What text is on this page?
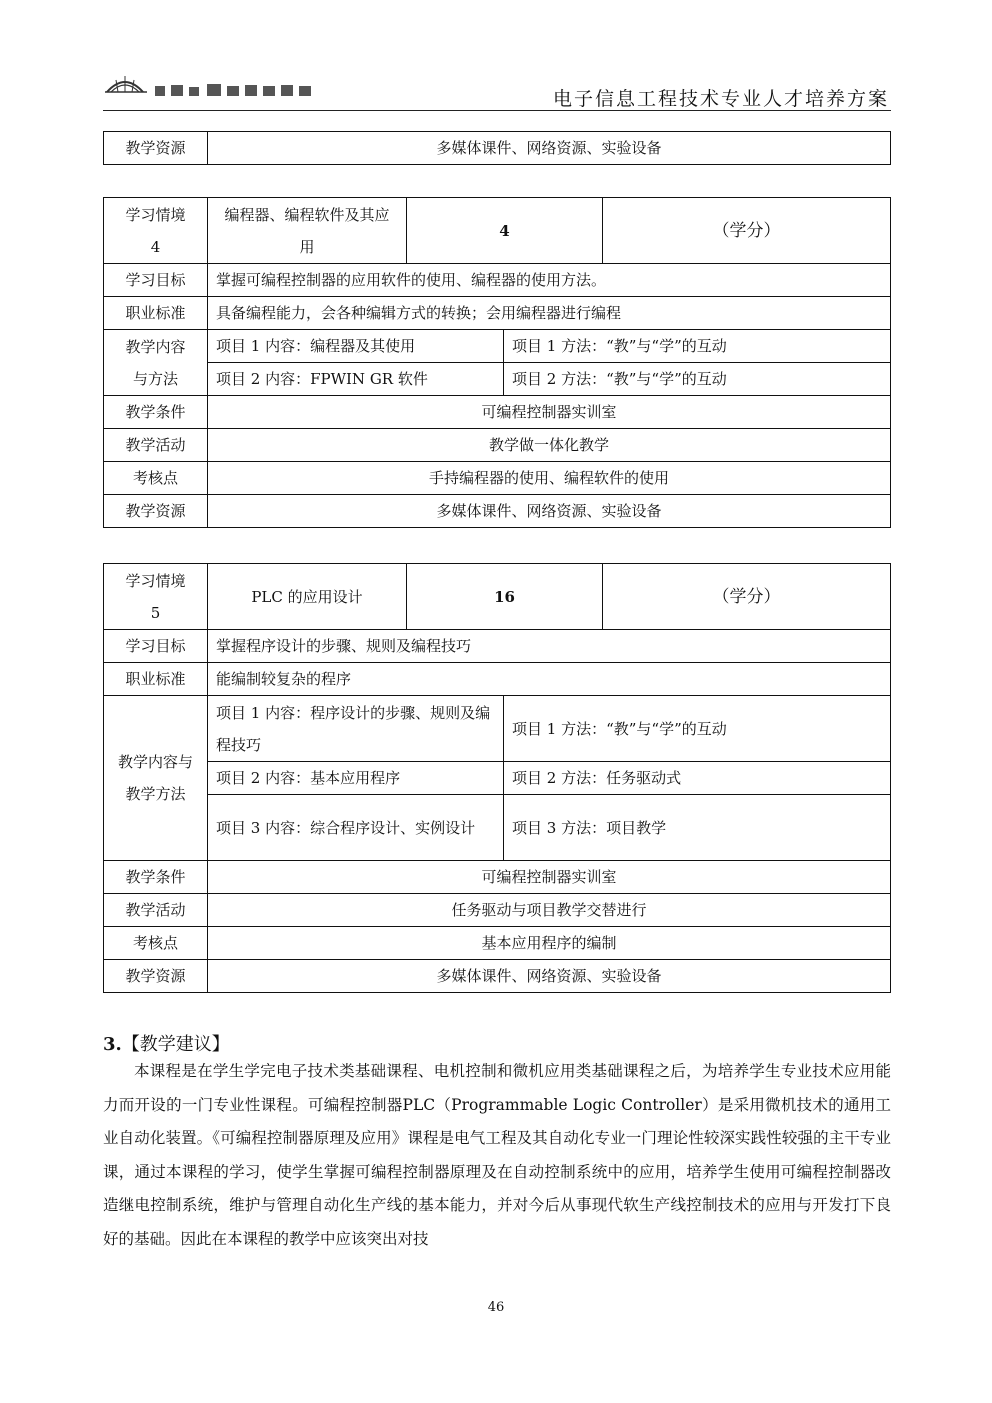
电子信息工程技术专业人才培养方案
教学资源	多媒体课件、网络资源、实验设备
学习情境
4	编程器、编程软件及其应用	4		（学分）
学习目标	掌握可编程控制器的应用软件的使用、编程器的使用方法。			
职业标准	具备编程能力，会各种编辑方式的转换；会用编程器进行编程			

教学内容
与方法	项目 1 内容：编程器及其使用		项目 1 方法：“教”与“学”的互动	
	项目 2 内容：FPWIN GR 软件		项目 2 方法：“教”与“学”的互动	
教学条件	可编程控制器实训室			
教学活动	教学做一体化教学			
考核点	手持编程器的使用、编程软件的使用			
教学资源	多媒体课件、网络资源、实验设备			
学习情境
5	PLC 的应用设计	16		（学分）
学习目标	掌握程序设计的步骤、规则及编程技巧			
职业标准	能编制较复杂的程序			
教学内容与教学方法	项目 1 内容：程序设计的步骤、规则及编程技巧		项目 1 方法：“教”与“学”的互动	
	项目 2 内容：基本应用程序		项目 2 方法：任务驱动式	
	项目 3 内容：综合程序设计、实例设计		项目 3 方法：项目教学	
教学条件	可编程控制器实训室			
教学活动	任务驱动与项目教学交替进行			
考核点	基本应用程序的编制			
教学资源	多媒体课件、网络资源、实验设备			
3.【教学建议】
本课程是在学生学完电子技术类基础课程、电机控制和微机应用类基础课程之后，为培养学生专业技术应用能力而开设的一门专业性课程。可编程控制器PLC（Programmable Logic Controller）是采用微机技术的通用工业自动化装置。《可编程控制器原理及应用》课程是电气工程及其自动化专业一门理论性较深实践性较强的主干专业课，通过本课程的学习，使学生掌握可编程控制器原理及在自动控制系统中的应用，培养学生使用可编程控制器改造继电控制系统，维护与管理自动化生产线的基本能力，并对今后从事现代软生产线控制技术的应用与开发打下良好的基础。因此在本课程的教学中应该突出对技
46
